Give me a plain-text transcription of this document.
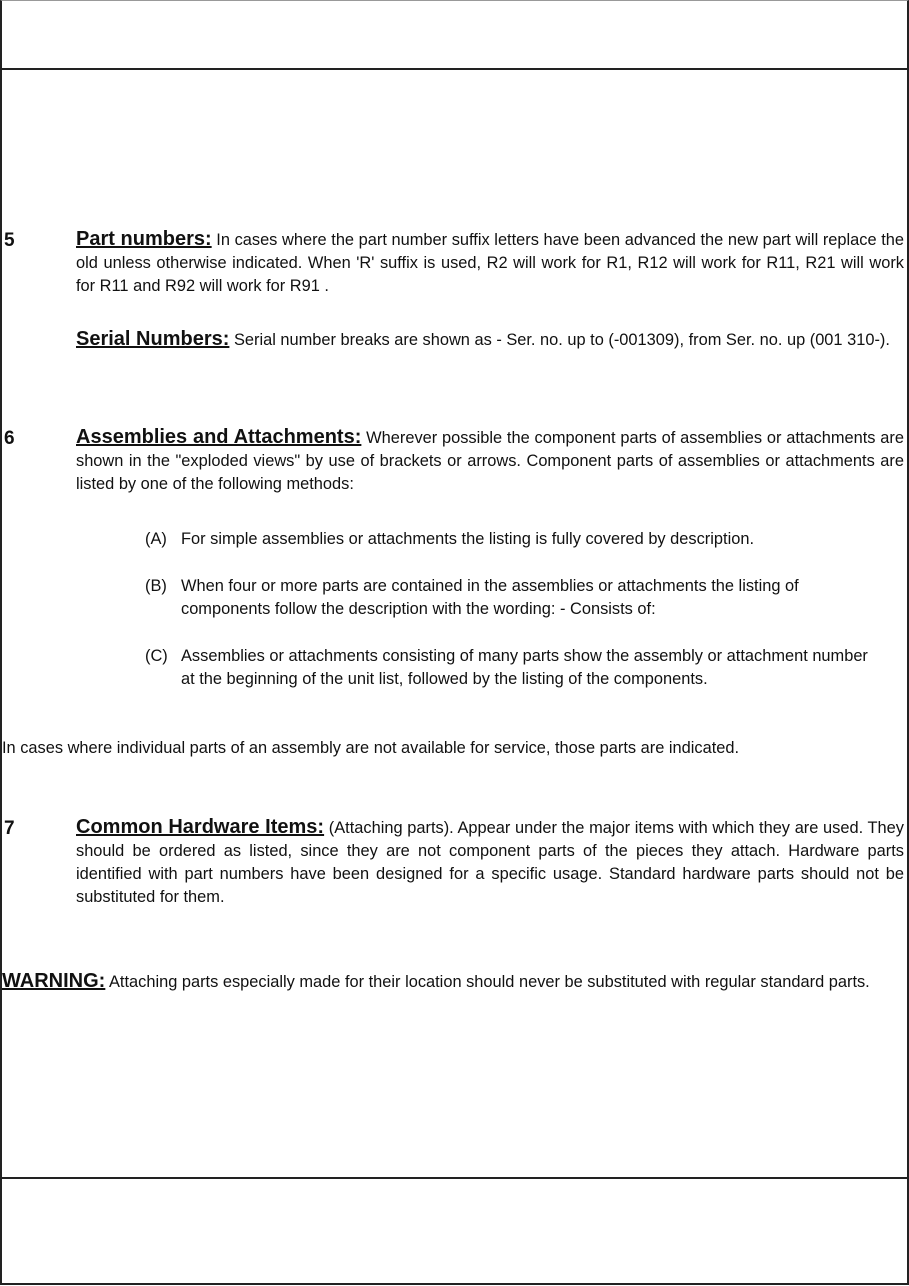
5	Part numbers: In cases where the part number suffix letters have been advanced the new part will replace the old unless otherwise indicated. When 'R' suffix is used, R2 will work for R1, R12 will work for R11, R21 will work for R11 and R92 will work for R91 .
Serial Numbers: Serial number breaks are shown as - Ser. no. up to (-001309), from Ser. no. up (001 310-).
6	Assemblies and Attachments: Wherever possible the component parts of assemblies or attachments are shown in the "exploded views" by use of brackets or arrows. Component parts of assemblies or attachments are listed by one of the following methods:
(A) For simple assemblies or attachments the listing is fully covered by description.
(B) When four or more parts are contained in the assemblies or attachments the listing of components follow the description with the wording: - Consists of:
(C) Assemblies or attachments consisting of many parts show the assembly or attachment number at the beginning of the unit list, followed by the listing of the components.
In cases where individual parts of an assembly are not available for service, those parts are indicated.
7	Common Hardware Items: (Attaching parts). Appear under the major items with which they are used. They should be ordered as listed, since they are not component parts of the pieces they attach. Hardware parts identified with part numbers have been designed for a specific usage. Standard hardware parts should not be substituted for them.
WARNING: Attaching parts especially made for their location should never be substituted with regular standard parts.
